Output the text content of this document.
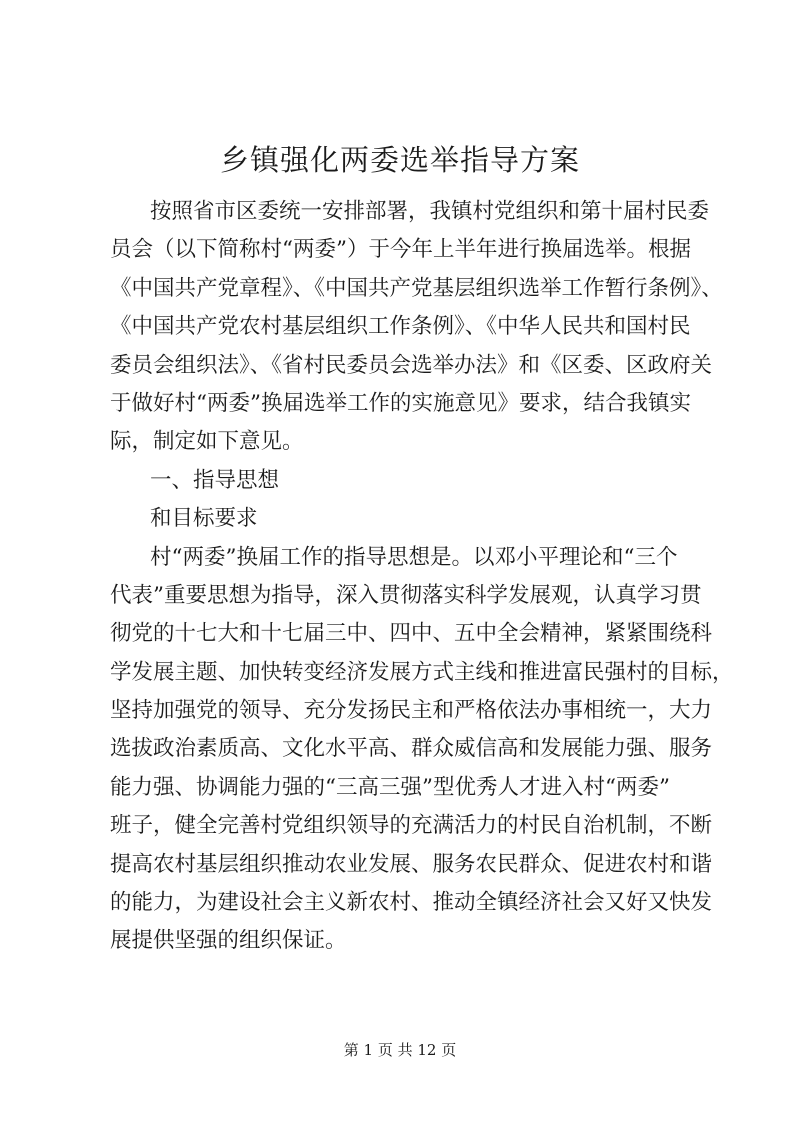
乡镇强化两委选举指导方案
按照省市区委统一安排部署，我镇村党组织和第十届村民委
员会（以下简称村“两委”）于今年上半年进行换届选举。根据
《中国共产党章程》、《中国共产党基层组织选举工作暂行条例》、
《中国共产党农村基层组织工作条例》、《中华人民共和国村民
委员会组织法》、《省村民委员会选举办法》和《区委、区政府关
于做好村“两委”换届选举工作的实施意见》要求，结合我镇实
际，制定如下意见。
一、指导思想
和目标要求
村“两委”换届工作的指导思想是。以邓小平理论和“三个
代表”重要思想为指导，深入贯彻落实科学发展观，认真学习贯
彻党的十七大和十七届三中、四中、五中全会精神，紧紧围绕科
学发展主题、加快转变经济发展方式主线和推进富民强村的目标，
坚持加强党的领导、充分发扬民主和严格依法办事相统一，大力
选拔政治素质高、文化水平高、群众威信高和发展能力强、服务
能力强、协调能力强的“三高三强”型优秀人才进入村“两委”
班子，健全完善村党组织领导的充满活力的村民自治机制，不断
提高农村基层组织推动农业发展、服务农民群众、促进农村和谐
的能力，为建设社会主义新农村、推动全镇经济社会又好又快发
展提供坚强的组织保证。
第 1 页 共 12 页
